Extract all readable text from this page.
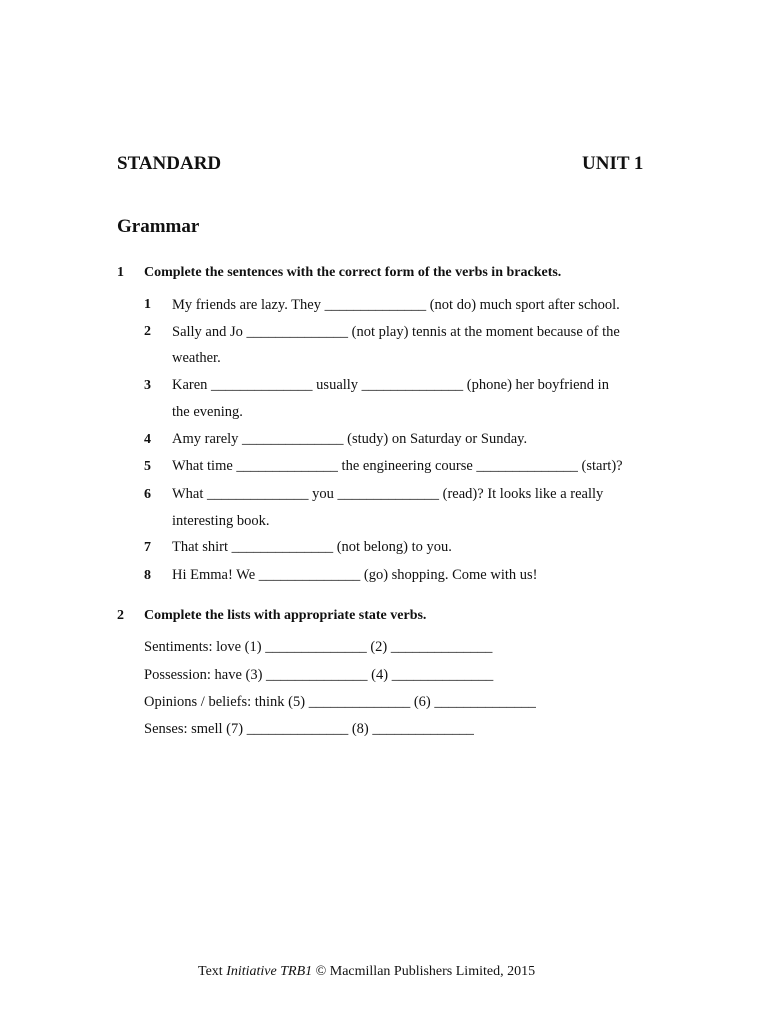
STANDARD	UNIT 1
Grammar
1 Complete the sentences with the correct form of the verbs in brackets.
1 My friends are lazy. They ______________ (not do) much sport after school.
2 Sally and Jo ______________ (not play) tennis at the moment because of the
weather.
3 Karen ______________ usually ______________ (phone) her boyfriend in
the evening.
4 Amy rarely ______________ (study) on Saturday or Sunday.
5 What time ______________ the engineering course ______________ (start)?
6 What ______________ you ______________ (read)? It looks like a really
interesting book.
7 That shirt ______________ (not belong) to you.
8 Hi Emma! We ______________ (go) shopping. Come with us!
2 Complete the lists with appropriate state verbs.
Sentiments: love (1) ______________ (2) ______________
Possession: have (3) ______________ (4) ______________
Opinions / beliefs: think (5) ______________ (6) ______________
Senses: smell (7) ______________ (8) ______________
Text Initiative TRB1 © Macmillan Publishers Limited, 2015
